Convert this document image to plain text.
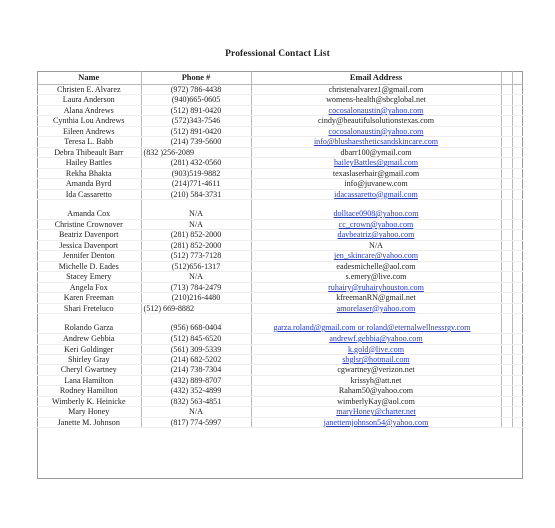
Professional Contact List
Name	Phone #	Email Address		
Christen E. Alvarez	(972) 786-4438	christenalvarez1@gmail.com		
Laura Anderson	(940)665-0605	womens-health@sbcglobal.net		
Alana Andrews	(512) 891-0420	cocosalonaustin@yahoo.com		
Cynthia Lou Andrews	(572)343-7546	cindy@beautifulsolutionstexas.com		
Eileen Andrews	(512) 891-0420	cocosalonaustin@yahoo.com		
Teresa L. Babb	(214) 739-5600	info@blushaestheticsandskincare.com		
Debra Thibeault Barr	(832 )256-2089	dbarr100@ymail.com		
Hailey Battles	(281) 432-0560	haileyBattles@gmail.com		
Rekha Bhakta	(903)519-9882	texaslaserhair@gmail.com		
Amanda Byrd	(214)771-4611	info@juvanew.com		
Ida Cassaretto	(210) 584-3731	idacassaretto@gmail.com		
Amanda Cox	N/A	dolltace0908@yahoo.com		
Christine Crownover	N/A	cc_crown@yahoo.com		
Beatriz Davenport	(281) 852-2000	davbeatriz@yahoo.com		
Jessica Davenport	(281) 852-2000	N/A		
Jennifer Denton	(512) 773-7128	jen_skincare@yahoo.com		
Michelle D. Eades	(512)656-1317	eadesmichelle@aol.com		
Stacey Emery	N/A	s.emery@live.com		
Angela Fox	(713) 784-2479	ruhairy@ruhairyhouston.com		
Karen Freeman	(210)216-4480	kfreemanRN@gmail.net		
Shari Freteluco	(512) 669-8882	amorelaser@yahoo.com		
Rolando Garza	(956) 668-0404	garza.roland@gmail.com or roland@eternalwellnessrgv.com		
Andrew Gebbia	(512) 845-6520	andrewf.gebbia@yahoo.com		
Keri Goldinger	(561) 309-5339	k.gold@live.com		
Shirley Gray	(214) 682-5202	sbglsr@hotmail.com		
Cheryl Gwartney	(214) 738-7304	cgwartney@verizon.net		
Lana Hamilton	(432) 889-8707	krissyh@att.net		
Rodney Hamilton	(432) 352-4899	Raham50@yahoo.com		
Wimberly K. Heinicke	(832) 563-4851	wimberlyKay@aol.com		
Mary Honey	N/A	maryHoney@charter.net		
Janette M. Johnson	(817) 774-5997	janettemjohnson54@yahoo.com		
